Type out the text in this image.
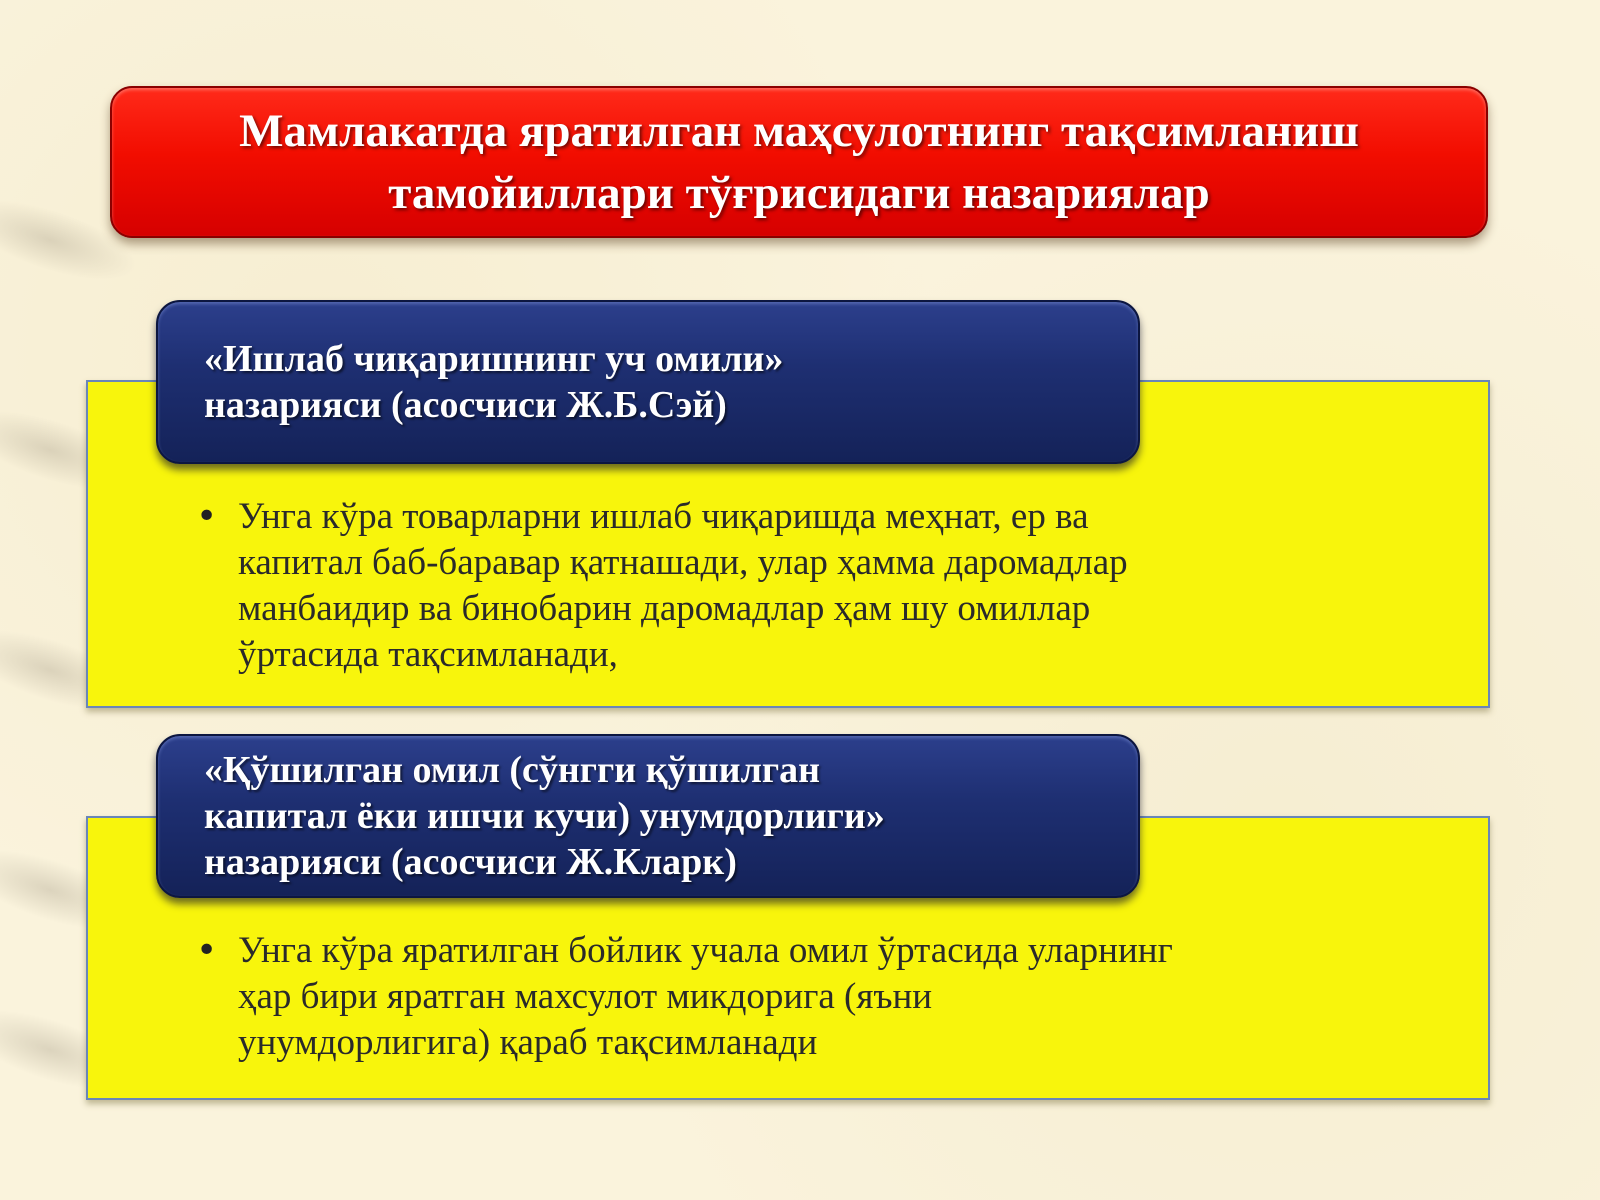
Мамлакатда яратилган маҳсулотнинг тақсимланиш
тамойиллари тўғрисидаги назариялар
«Ишлаб чиқаришнинг уч омили»
назарияси (асосчиси Ж.Б.Сэй)
• Унга кўра товарларни ишлаб чиқаришда меҳнат, ер ва
капитал баб-баравар қатнашади, улар ҳамма даромадлар
манбаидир ва бинобарин даромадлар ҳам шу омиллар
ўртасида тақсимланади,
«Қўшилган омил (сўнгги қўшилган
капитал ёки ишчи кучи) унумдорлиги»
назарияси (асосчиси Ж.Кларк)
• Унга кўра яратилган бойлик учала омил ўртасида уларнинг
ҳар бири яратган махсулот микдорига (яъни
унумдорлигига) қараб тақсимланади
